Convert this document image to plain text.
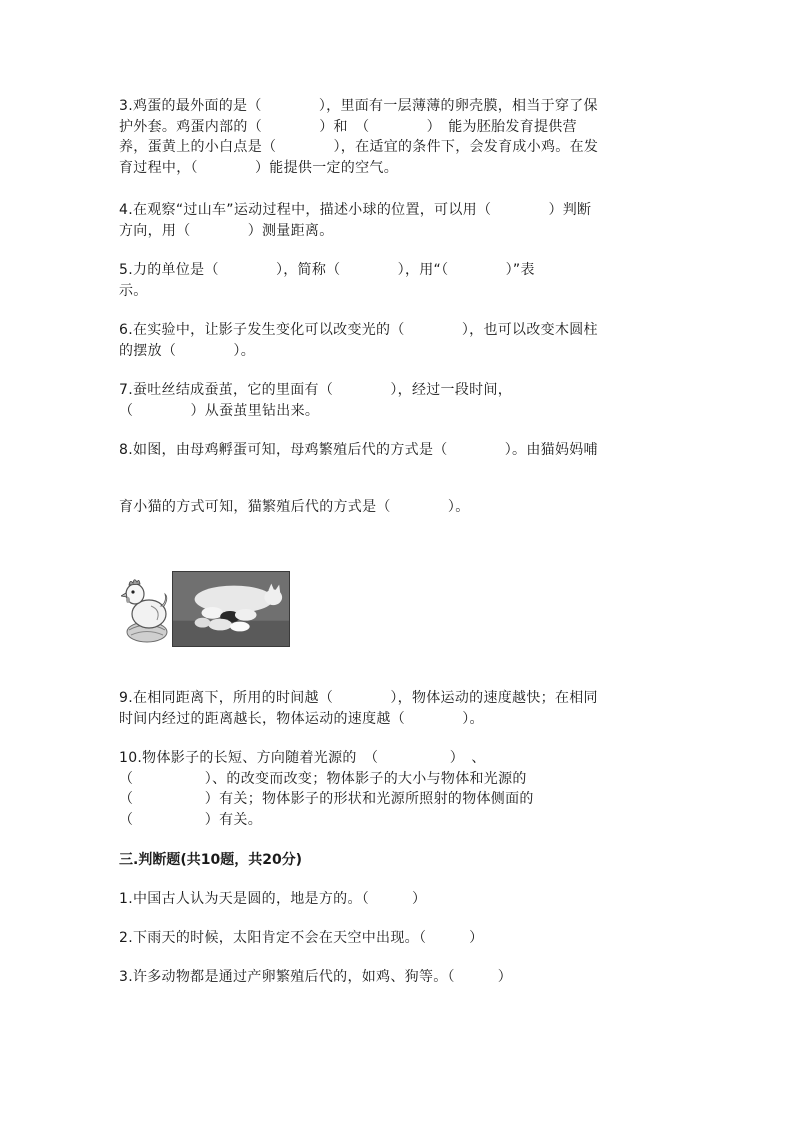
3.鸡蛋的最外面的是（　　　　），里面有一层薄薄的卵壳膜，相当于穿了保

护外套。鸡蛋内部的（　　　　）和　（　　　　）　能为胚胎发育提供营

养，蛋黄上的小白点是（　　　　），在适宜的条件下，会发育成小鸡。在发

育过程中，（　　　　）能提供一定的空气。

4.在观察“过山车”运动过程中，描述小球的位置，可以用（　　　　）判断

方向，用（　　　　）测量距离。

5.力的单位是（　　　　），简称（　　　　），用“（　　　　）”表

示。

6.在实验中，让影子发生变化可以改变光的（　　　　），也可以改变木圆柱

的摆放（　　　　）。

7.蚕吐丝结成蚕茧，它的里面有（　　　　），经过一段时间，

（　　　　）从蚕茧里钻出来。

8.如图，由母鸡孵蛋可知，母鸡繁殖后代的方式是（　　　　）。由猫妈妈哺

育小猫的方式可知，猫繁殖后代的方式是（　　　　）。

9.在相同距离下，所用的时间越（　　　　），物体运动的速度越快；在相同

时间内经过的距离越长，物体运动的速度越（　　　　）。

10.物体影子的长短、方向随着光源的　（　　　　　）　、

（　　　　　）、的改变而改变；物体影子的大小与物体和光源的

（　　　　　）有关；物体影子的形状和光源所照射的物体侧面的

（　　　　　）有关。

三.判断题(共10题，共20分)

1.中国古人认为天是圆的，地是方的。（　　　）

2.下雨天的时候，太阳肯定不会在天空中出现。（　　　）

3.许多动物都是通过产卵繁殖后代的，如鸡、狗等。（　　　）
